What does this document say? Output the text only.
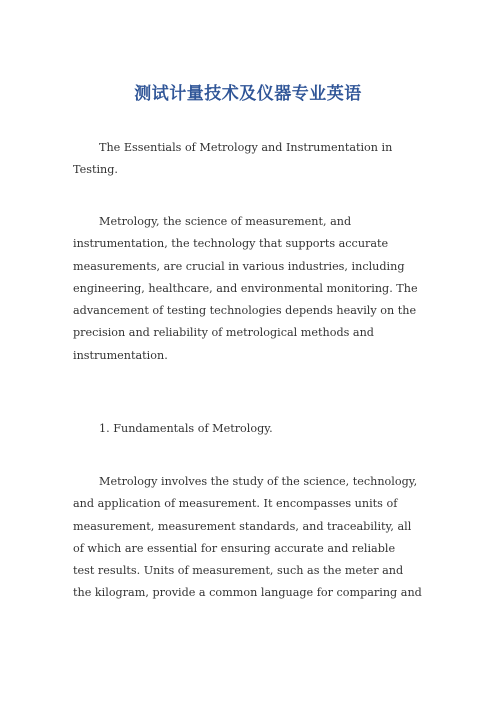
测试计量技术及仪器专业英语

The Essentials of Metrology and Instrumentation in
Testing.

Metrology, the science of measurement, and
instrumentation, the technology that supports accurate
measurements, are crucial in various industries, including
engineering, healthcare, and environmental monitoring. The
advancement of testing technologies depends heavily on the
precision and reliability of metrological methods and
instrumentation.

1. Fundamentals of Metrology.

Metrology involves the study of the science, technology,
and application of measurement. It encompasses units of
measurement, measurement standards, and traceability, all
of which are essential for ensuring accurate and reliable
test results. Units of measurement, such as the meter and
the kilogram, provide a common language for comparing and
